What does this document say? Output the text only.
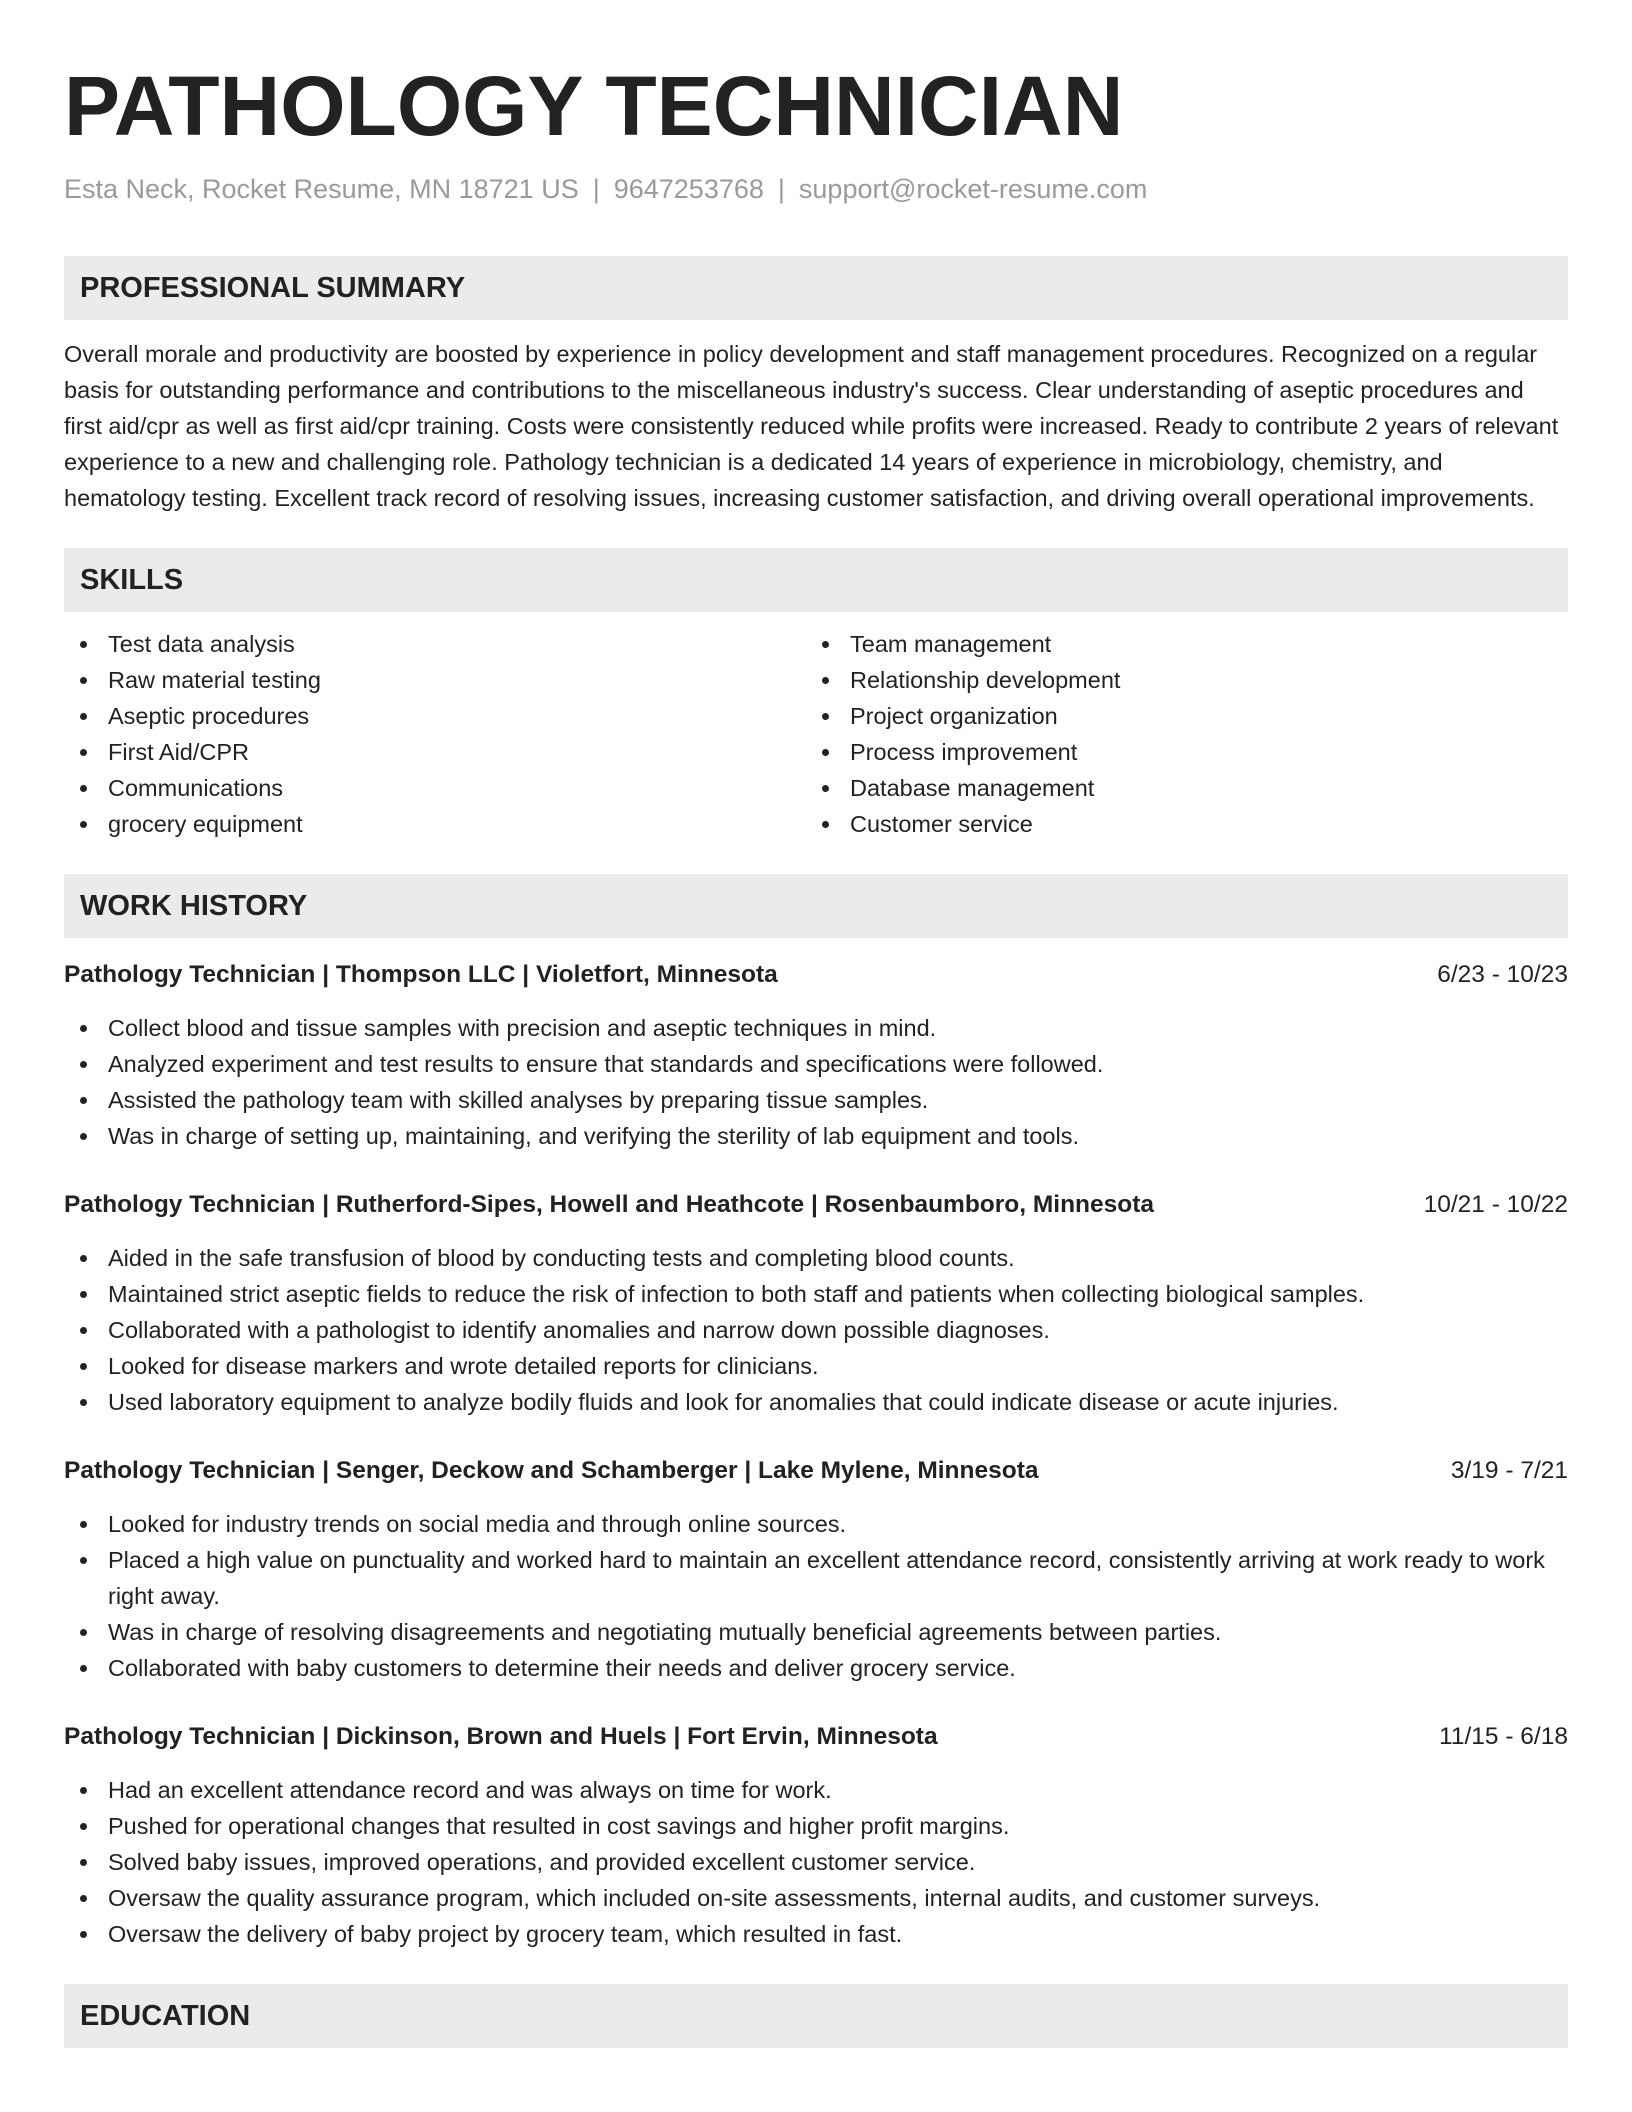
PATHOLOGY TECHNICIAN
Esta Neck, Rocket Resume, MN 18721 US | 9647253768 | support@rocket-resume.com
PROFESSIONAL SUMMARY
Overall morale and productivity are boosted by experience in policy development and staff management procedures. Recognized on a regular basis for outstanding performance and contributions to the miscellaneous industry's success. Clear understanding of aseptic procedures and first aid/cpr as well as first aid/cpr training. Costs were consistently reduced while profits were increased. Ready to contribute 2 years of relevant experience to a new and challenging role. Pathology technician is a dedicated 14 years of experience in microbiology, chemistry, and hematology testing. Excellent track record of resolving issues, increasing customer satisfaction, and driving overall operational improvements.
SKILLS
Test data analysis
Raw material testing
Aseptic procedures
First Aid/CPR
Communications
grocery equipment
Team management
Relationship development
Project organization
Process improvement
Database management
Customer service
WORK HISTORY
Pathology Technician | Thompson LLC | Violetfort, Minnesota	6/23 - 10/23
Collect blood and tissue samples with precision and aseptic techniques in mind.
Analyzed experiment and test results to ensure that standards and specifications were followed.
Assisted the pathology team with skilled analyses by preparing tissue samples.
Was in charge of setting up, maintaining, and verifying the sterility of lab equipment and tools.
Pathology Technician | Rutherford-Sipes, Howell and Heathcote | Rosenbaumboro, Minnesota	10/21 - 10/22
Aided in the safe transfusion of blood by conducting tests and completing blood counts.
Maintained strict aseptic fields to reduce the risk of infection to both staff and patients when collecting biological samples.
Collaborated with a pathologist to identify anomalies and narrow down possible diagnoses.
Looked for disease markers and wrote detailed reports for clinicians.
Used laboratory equipment to analyze bodily fluids and look for anomalies that could indicate disease or acute injuries.
Pathology Technician | Senger, Deckow and Schamberger | Lake Mylene, Minnesota	3/19 - 7/21
Looked for industry trends on social media and through online sources.
Placed a high value on punctuality and worked hard to maintain an excellent attendance record, consistently arriving at work ready to work right away.
Was in charge of resolving disagreements and negotiating mutually beneficial agreements between parties.
Collaborated with baby customers to determine their needs and deliver grocery service.
Pathology Technician | Dickinson, Brown and Huels | Fort Ervin, Minnesota	11/15 - 6/18
Had an excellent attendance record and was always on time for work.
Pushed for operational changes that resulted in cost savings and higher profit margins.
Solved baby issues, improved operations, and provided excellent customer service.
Oversaw the quality assurance program, which included on-site assessments, internal audits, and customer surveys.
Oversaw the delivery of baby project by grocery team, which resulted in fast.
EDUCATION
